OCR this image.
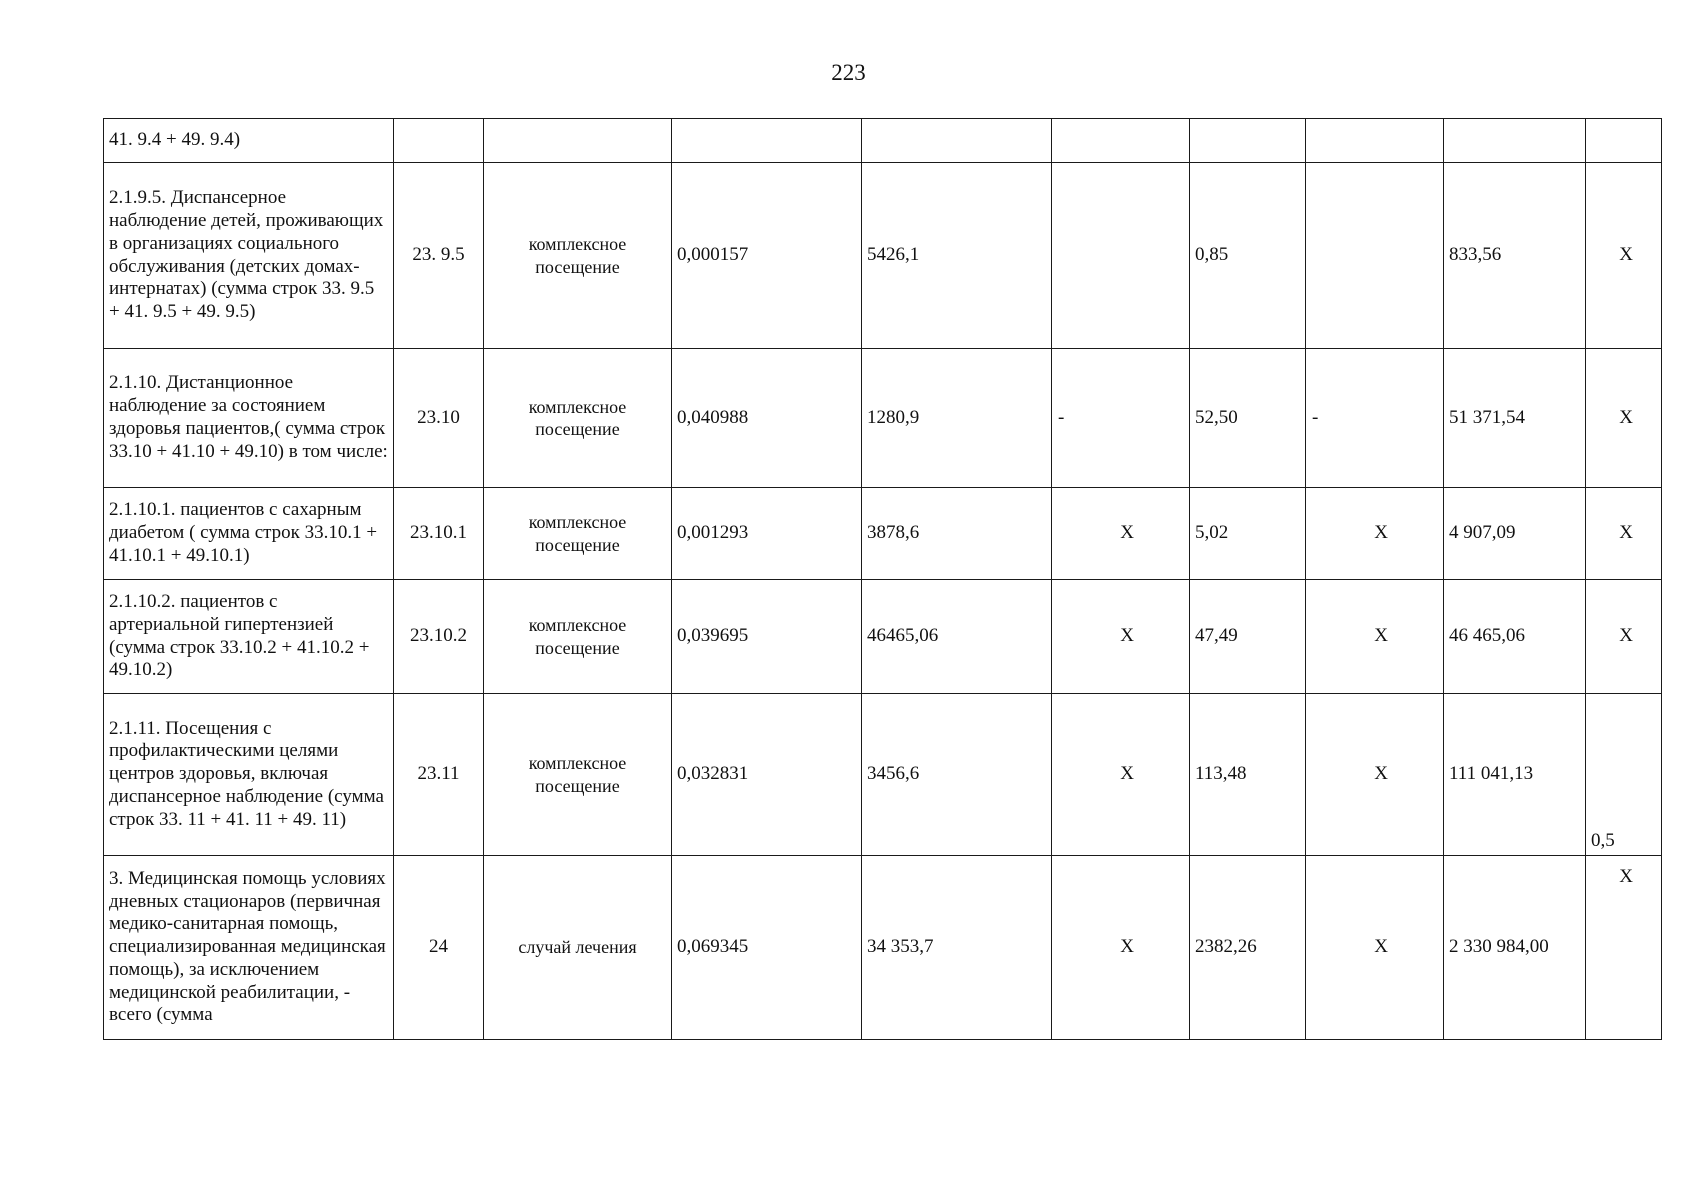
223
41. 9.4 + 49. 9.4)									
2.1.9.5. Диспансерное наблюдение детей, проживающих в организациях социального обслуживания (детских домах- интернатах) (сумма строк 33. 9.5 + 41. 9.5 + 49. 9.5)	23. 9.5	комплексное посещение	0,000157	5426,1		0,85		833,56	Х
2.1.10. Дистанционное наблюдение за состоянием здоровья пациентов,( сумма строк 33.10 + 41.10 + 49.10) в том числе:	23.10	комплексное посещение	0,040988	1280,9	-	52,50	-	51 371,54	Х
2.1.10.1. пациентов с сахарным диабетом ( сумма строк 33.10.1 + 41.10.1 + 49.10.1)	23.10.1	комплексное посещение	0,001293	3878,6	Х	5,02	Х	4 907,09	Х
2.1.10.2. пациентов с артериальной гипертензией (сумма строк 33.10.2 + 41.10.2 + 49.10.2)	23.10.2	комплексное посещение	0,039695	46465,06	Х	47,49	Х	46 465,06	Х
2.1.11. Посещения с профилактическими целями центров здоровья, включая диспансерное наблюдение (сумма строк 33. 11 + 41. 11 + 49. 11)	23.11	комплексное посещение	0,032831	3456,6	Х	113,48	Х	111 041,13	0,5
3. Медицинская помощь условиях дневных стационаров (первичная медико-санитарная помощь, специализированная медицинская помощь), за исключением медицинской реабилитации, - всего (сумма	24	случай лечения	0,069345	34 353,7	Х	2382,26	Х	2 330 984,00	Х
